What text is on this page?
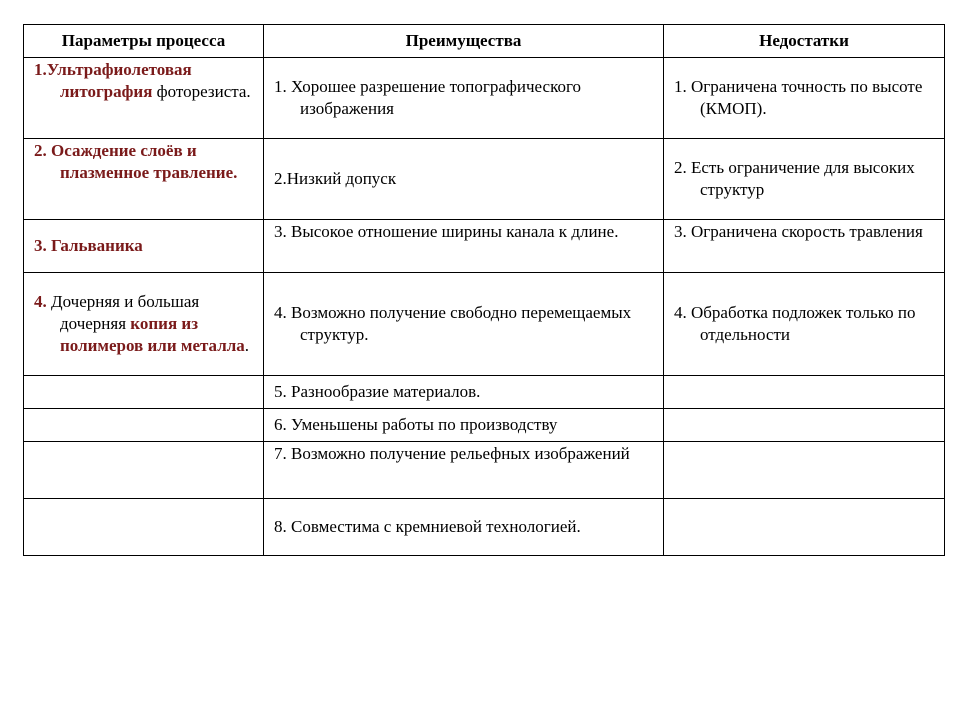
Параметры процесса	Преимущества	Недостатки
1.Ультрафиолетовая литография фоторезиста.	1. Хорошее разрешение топографического изображения	1. Ограничена точность по высоте (КМОП).
2. Осаждение слоёв и плазменное травление.	2.Низкий допуск	2. Есть ограничение для высоких структур
3. Гальваника	3. Высокое отношение ширины канала к длине.	3. Ограничена скорость травления
4. Дочерняя и большая дочерняя копия из полимеров или металла.	4. Возможно получение свободно перемещаемых структур.	4. Обработка подложек только по отдельности
	5. Разнообразие материалов.	
	6. Уменьшены работы по производству	
	7. Возможно получение рельефных изображений	
	8. Совместима с кремниевой технологией.	
